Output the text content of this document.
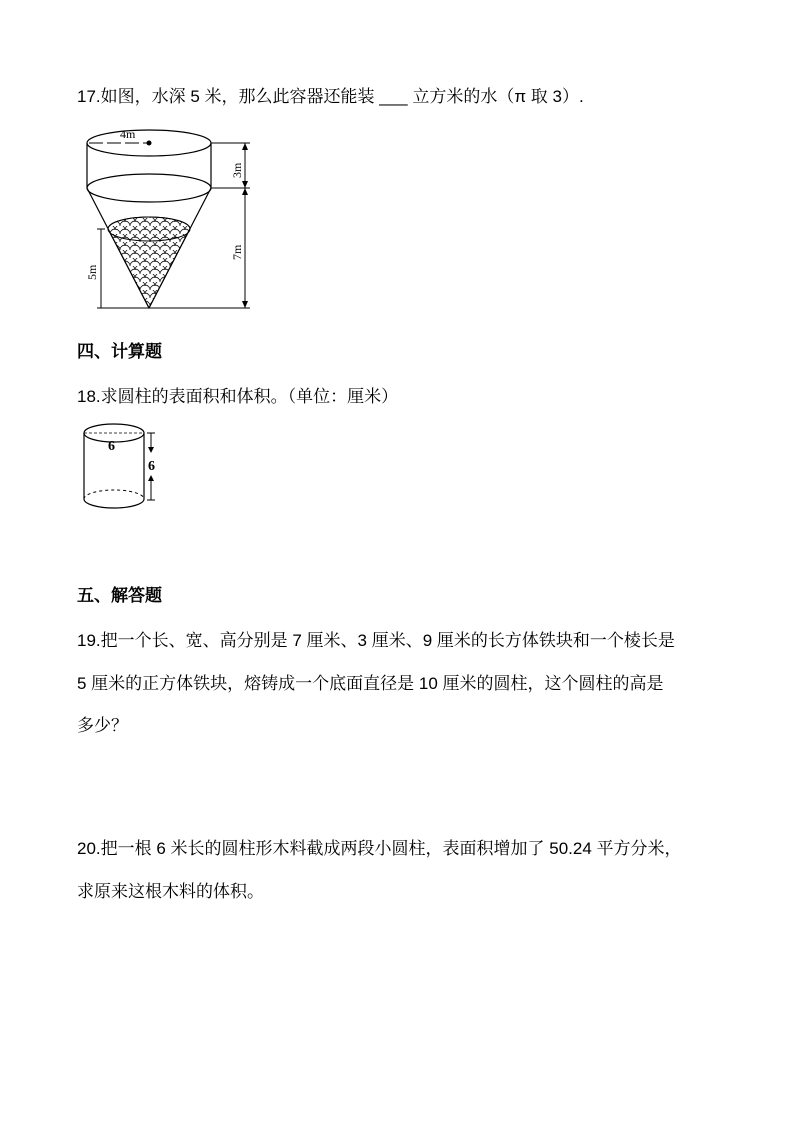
17.如图，水深 5 米，那么此容器还能装 ___ 立方米的水（π 取 3）.
4m
3m
7m
5m
四、计算题
18.求圆柱的表面积和体积。（单位：厘米）
6
6
五、解答题
19.把一个长、宽、高分别是 7 厘米、3 厘米、9 厘米的长方体铁块和一个棱长是
5 厘米的正方体铁块，熔铸成一个底面直径是 10 厘米的圆柱，这个圆柱的高是
多少？
20.把一根 6 米长的圆柱形木料截成两段小圆柱，表面积增加了 50.24 平方分米，
求原来这根木料的体积。
